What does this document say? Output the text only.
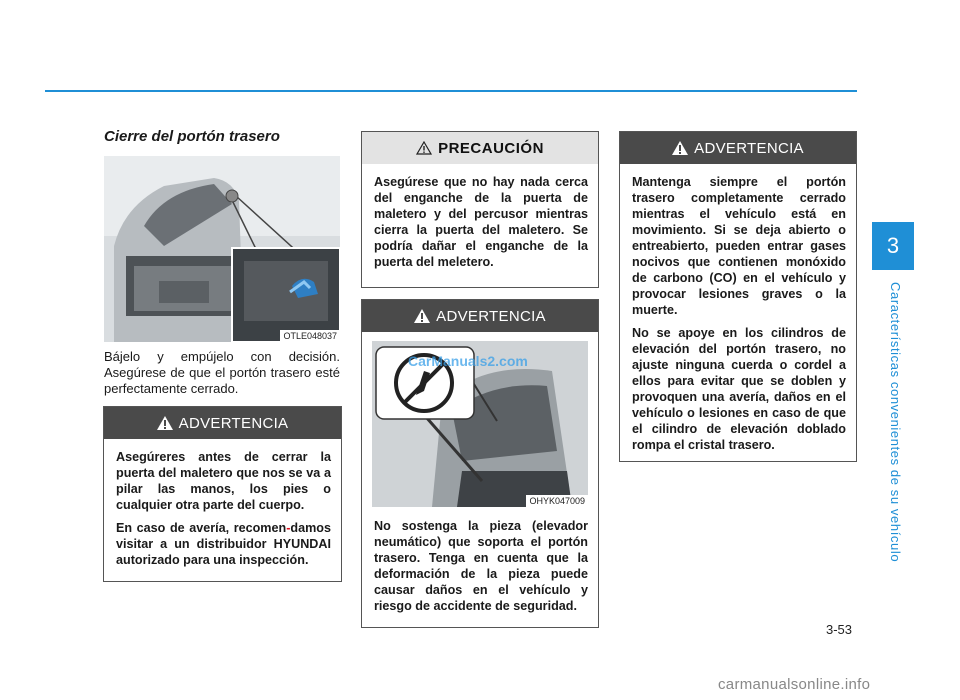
3
Características convenientes de su vehículo
3-53
Cierre del portón trasero
OTLE048037

Bájelo y empújelo con decisión. Asegúrese de que el portón trasero esté perfectamente cerrado.

ADVERTENCIA

Asegúreres antes de cerrar la puerta del maletero que nos se va a pilar las manos, los pies o cualquier otra parte del cuerpo.

En caso de avería, recomen-damos visitar a un distribuidor HYUNDAI autorizado para una inspección.

PRECAUCIÓN

Asegúrese que no hay nada cerca del enganche de la puerta de maletero y del percusor mientras cierra la puerta del maletero. Se podría dañar el enganche de la puerta del meletero.

ADVERTENCIA
CarManuals2.com
OHYK047009

No sostenga la pieza (elevador neumático) que soporta el portón trasero. Tenga en cuenta que la deformación de la pieza puede causar daños en el vehículo y riesgo de accidente de seguridad.

ADVERTENCIA

Mantenga siempre el portón trasero completamente cerrado mientras el vehículo está en movimiento. Si se deja abierto o entreabierto, pueden entrar gases nocivos que contienen monóxido de carbono (CO) en el vehículo y provocar lesiones graves o la muerte.

No se apoye en los cilindros de elevación del portón trasero, no ajuste ninguna cuerda o cordel a ellos para evitar que se doblen y provoquen una avería, daños en el vehículo o lesiones en caso de que el cilindro de elevación doblado rompa el cristal trasero.

carmanualsonline.info
